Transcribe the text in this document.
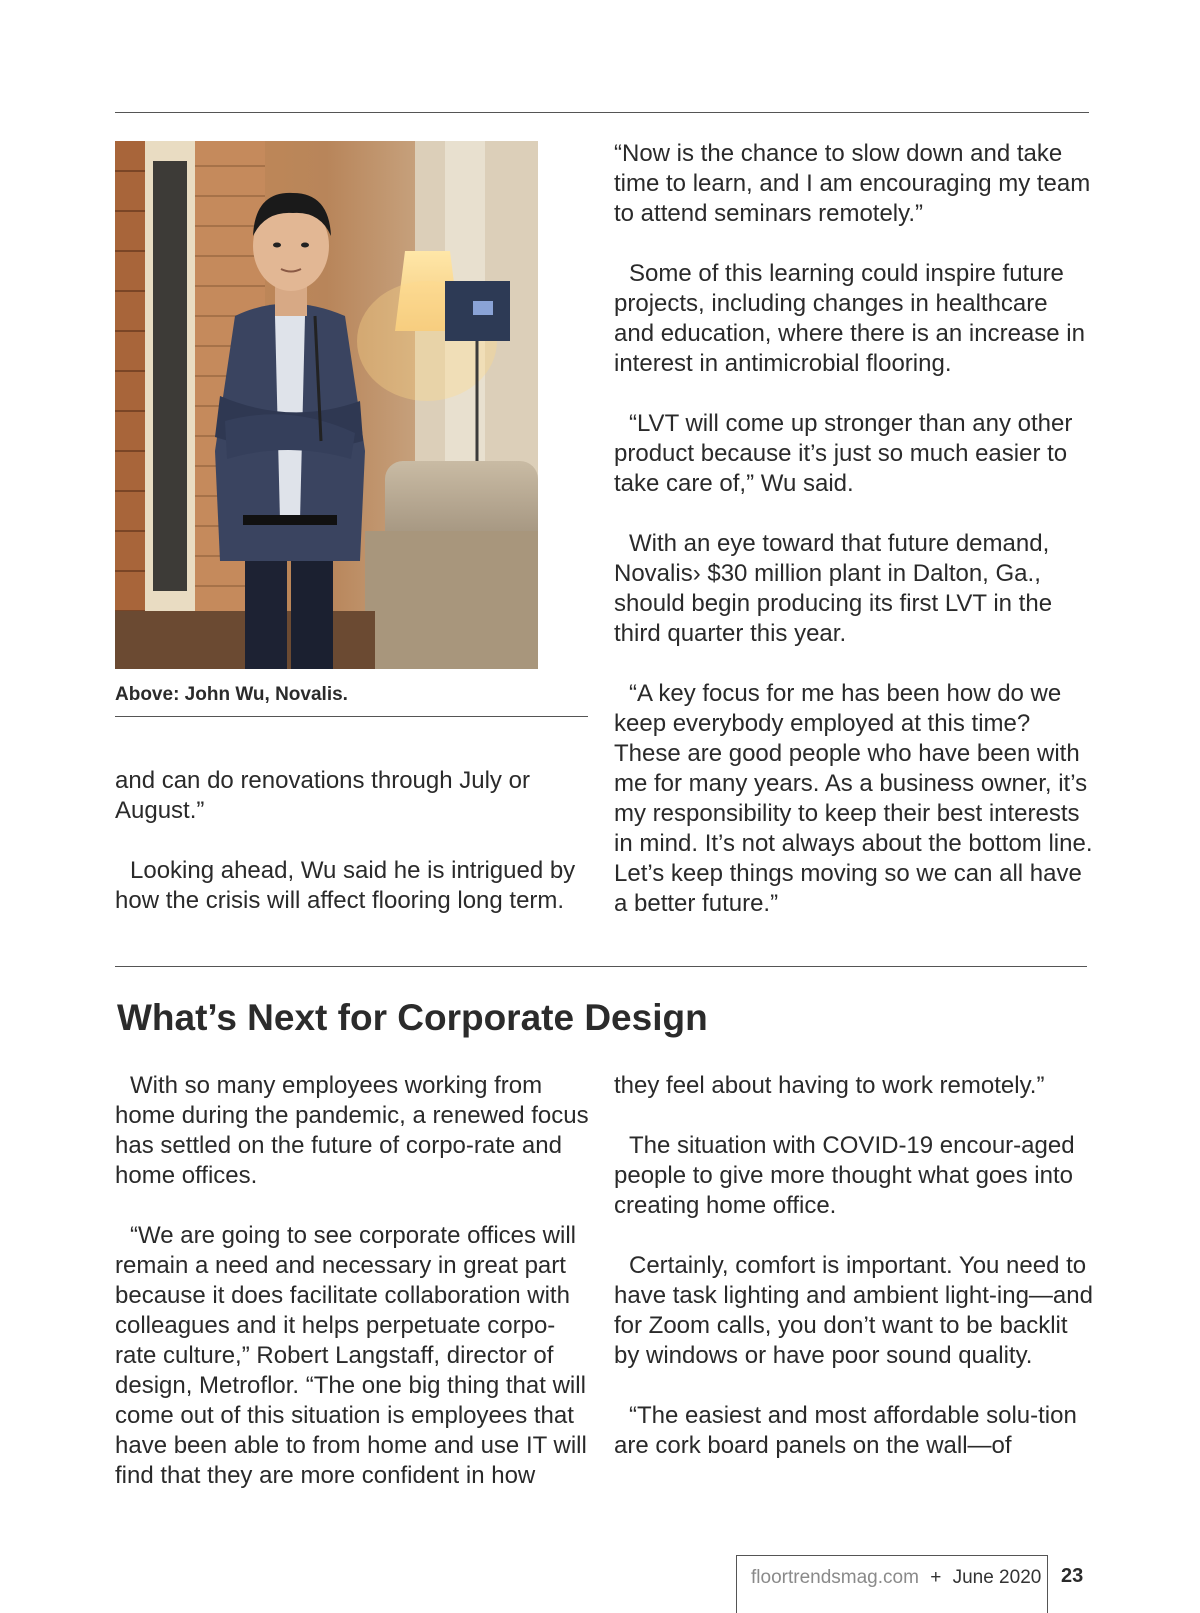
Above: John Wu, Novalis.

and can do renovations through July or August.”

Looking ahead, Wu said he is intrigued by how the crisis will affect flooring long term.

“Now is the chance to slow down and take time to learn, and I am encouraging my team to attend seminars remotely.”

Some of this learning could inspire future projects, including changes in healthcare and education, where there is an increase in interest in antimicrobial flooring.

“LVT will come up stronger than any other product because it’s just so much easier to take care of,” Wu said.

With an eye toward that future demand, Novalis› $30 million plant in Dalton, Ga., should begin producing its first LVT in the third quarter this year.

“A key focus for me has been how do we keep everybody employed at this time? These are good people who have been with me for many years. As a business owner, it’s my responsibility to keep their best interests in mind. It’s not always about the bottom line. Let’s keep things moving so we can all have a better future.”

What’s Next for Corporate Design

With so many employees working from home during the pandemic, a renewed focus has settled on the future of corpo-rate and home offices.

“We are going to see corporate offices will remain a need and necessary in great part because it does facilitate collaboration with colleagues and it helps perpetuate corpo-rate culture,” Robert Langstaff, director of design, Metroflor. “The one big thing that will come out of this situation is employees that have been able to from home and use IT will find that they are more confident in how

they feel about having to work remotely.”

The situation with COVID-19 encour-aged people to give more thought what goes into creating home office.

Certainly, comfort is important. You need to have task lighting and ambient light-ing—and for Zoom calls, you don’t want to be backlit by windows or have poor sound quality.

“The easiest and most affordable solu-tion are cork board panels on the wall—of

floortrendsmag.com + June 2020 23
